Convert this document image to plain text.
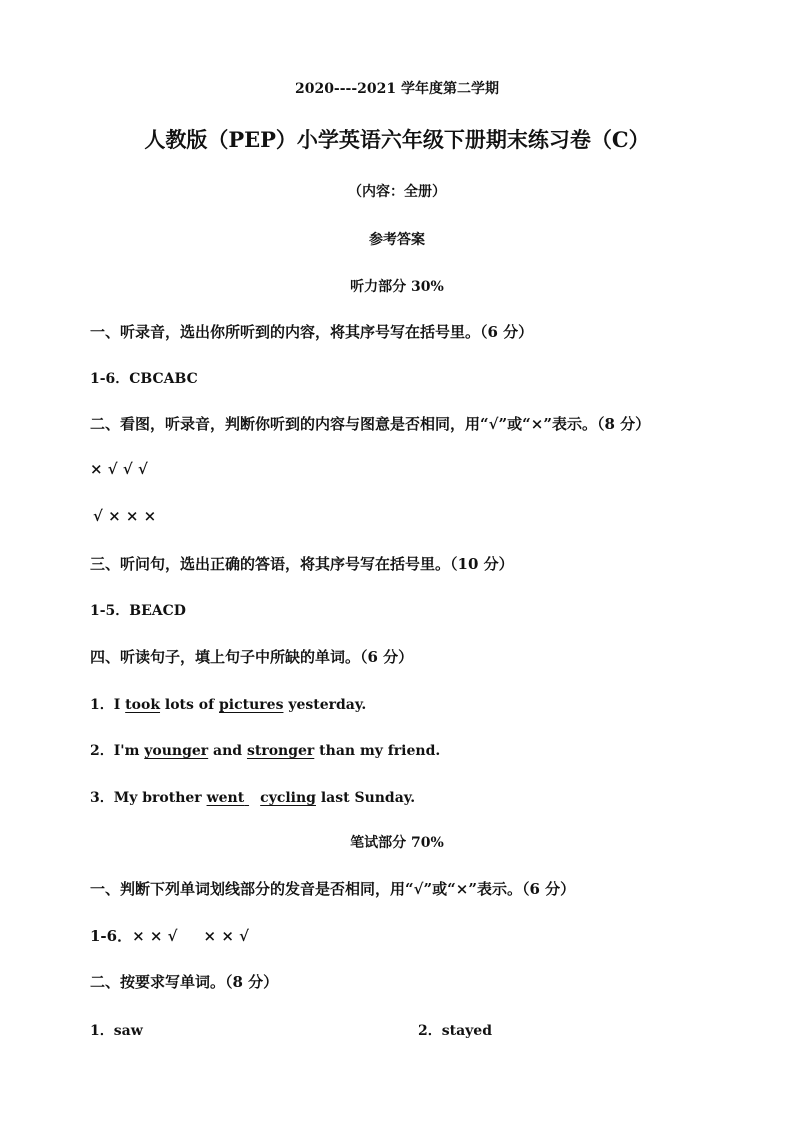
2020----2021 学年度第二学期
人教版（PEP）小学英语六年级下册期末练习卷（C）
（内容：全册）
参考答案
听力部分 30%
一、听录音，选出你所听到的内容，将其序号写在括号里。（6 分）
1-6．CBCABC
二、看图，听录音，判断你听到的内容与图意是否相同，用“√”或“×”表示。（8 分）
× √ √ √
√ × × ×
三、听问句，选出正确的答语，将其序号写在括号里。（10 分）
1-5．BEACD
四、听读句子，填上句子中所缺的单词。（6 分）
1．I took lots of pictures yesterday.
2．I'm younger and stronger than my friend.
3．My brother went cycling last Sunday.
笔试部分 70%
一、判断下列单词划线部分的发音是否相同，用“√”或“×”表示。（6 分）
1-6．× × √ × × √
二、按要求写单词。（8 分）
1．saw	2．stayed
